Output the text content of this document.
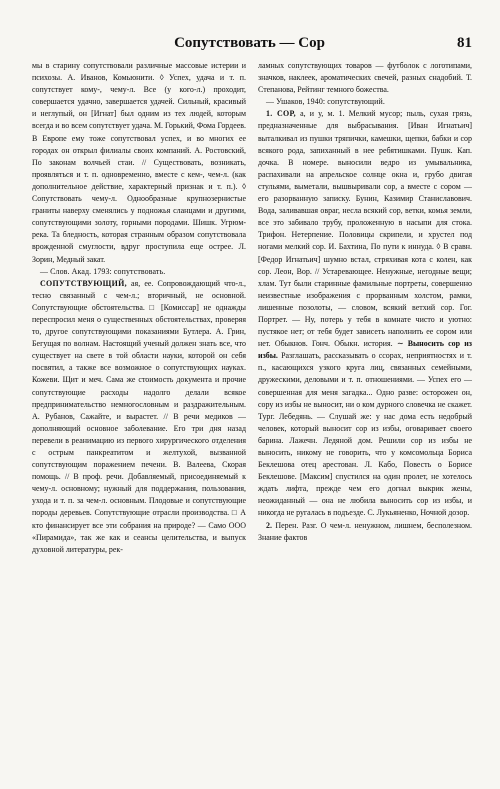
Сопутствовать — Сор	81

мы в старину сопутствовали различные массовые истерии и психозы. А. Иванов, Комьюнити. ◊ Успех, удача и т. п. сопутствует кому-, чему-л. Все (у кого-л.) проходит, совершается удачно, завершается удачей. Сильный, красивый и неглупый, он [Игнат] был одним из тех людей, которым всегда и во всем сопутствует удача. М. Горький, Фома Гордеев. В Европе ему тоже сопутствовал успех, и во многих ее городах он открыл филиалы своих компаний. А. Ростовский, По законам волчьей стаи. // Существовать, возникать, проявляться и т. п. одновременно, вместе с кем-, чем-л. (как дополнительное действие, характерный признак и т. п.). ◊ Сопутствовать чему-л. Однообразные крупнозернистые граниты наверху сменялись у подножья сланцами и другими, сопутствующими золоту, горными породами. Шишк. Угрюм-река. Та бледность, которая странным образом сопутствовала врожденной смуглости, вдруг проступила еще острее. Л. Зорин, Медный закат.

— Слов. Акад. 1793: сопутствовать.

СОПУТСТВУЮЩИЙ, ая, ее. Сопровождающий что-л., тесно связанный с чем-л.; вторичный, не основной. Сопутствующие обстоятельства. □ [Комиссар] не однажды переспросил меня о существенных обстоятельствах, проверяя то, другое сопутствующими показаниями Бутлера. А. Грин, Бегущая по волнам. Настоящий ученый должен знать все, что существует на свете в той области науки, которой он себя посвятил, а также все возможное о сопутствующих науках. Кожеви. Щит и меч. Сама же стоимость документа и прочие сопутствующие расходы надолго делали всякое предпринимательство немногословным и раздражительным. А. Рубанов, Сажайте, и вырастет. // В речи медиков — дополняющий основное заболевание. Его три дня назад перевели в реанимацию из первого хирургического отделения с острым панкреатитом и желтухой, вызванной сопутствующим поражением печени. В. Валеева, Скорая помощь. // В проф. речи. Добавляемый, присоединяемый к чему-л. основному; нужный для поддержания, пользования, ухода и т. п. за чем-л. основным. Плодовые и сопутствующие породы деревьев. Сопутствующие отрасли производства. □ А кто финансирует все эти собрания на природе? — Само ООО «Пирамида», так же как и сеансы целительства, и выпуск духовной литературы, рек-

ламных сопутствующих товаров — футболок с логотипами, значков, наклеек, ароматических свечей, разных снадобий. Т. Степанова, Рейтинг темного божества.

— Ушаков, 1940: сопутствующий.

1. СОР, а, и у, м. 1. Мелкий мусор; пыль, сухая грязь, предназначенные для выбрасывания. [Иван Игнатьич] выталкивал из пушки тряпички, камешки, щепки, бабки и сор всякого рода, запиханный в нее ребятишками. Пушк. Кап. дочка. В номере. выносили ведро из умывальника, распахивали на апрельское солнце окна и, грубо двигая стульями, выметали, вышвыривали сор, а вместе с сором — его разорванную записку. Бунин, Казимир Станиславович. Вода, заливавшая овраг, несла всякий сор, ветки, комья земли, все это забивало трубу, проложенную в насыпи для стока. Трифон. Нетерпение. Половицы скрипели, и хрустел под ногами мелкий сор. И. Бахтина, По пути к иннуда. ◊ В сравн. [Федор Игнатьич] шумно встал, стряхивая кота с колен, как сор. Леон, Вор. // Устаревающее. Ненужные, негодные вещи; хлам. Тут были старинные фамильные портреты, совершенно неизвестные изображения с прорванным холстом, рамки, лишенные позолоты, — словом, всякий ветхий сор. Гог. Портрет. — Ну, потерь у тебя в комнате чисто и уютно: пустякое нет; от тебя будет зависеть наполнить ее сором или нет. Обыкнов. Гонч. Обыкн. история. ∼ Выносить сор из избы. Разглашать, рассказывать о ссорах, неприятностях и т. п., касающихся узкого круга лиц, связанных семейными, дружескими, деловыми и т. п. отношениями. — Успех его — совершенная для меня загадка... Одно разве: осторожен он, сору из избы не выносит, ни о ком дурного словечка не скажет. Тург. Лебедянь. — Слушай же: у нас дома есть недобрый человек, который выносит сор из избы, оговаривает своего барина. Лажечн. Ледяной дом. Решили сор из избы не выносить, никому не говорить, что у комсомольца Бориса Беклешова отец арестован. Л. Кабо, Повесть о Борисе Беклешове. [Максим] спустился на один пролет, не хотелось ждать лифта, прежде чем его догнал выкрик жены, неожиданный — она не любила выносить сор из избы, и никогда не ругалась в подъезде. С. Лукьяненко, Ночной дозор.

2. Перен. Разг. О чем-л. ненужном, лишнем, бесполезном. Знание фактов
